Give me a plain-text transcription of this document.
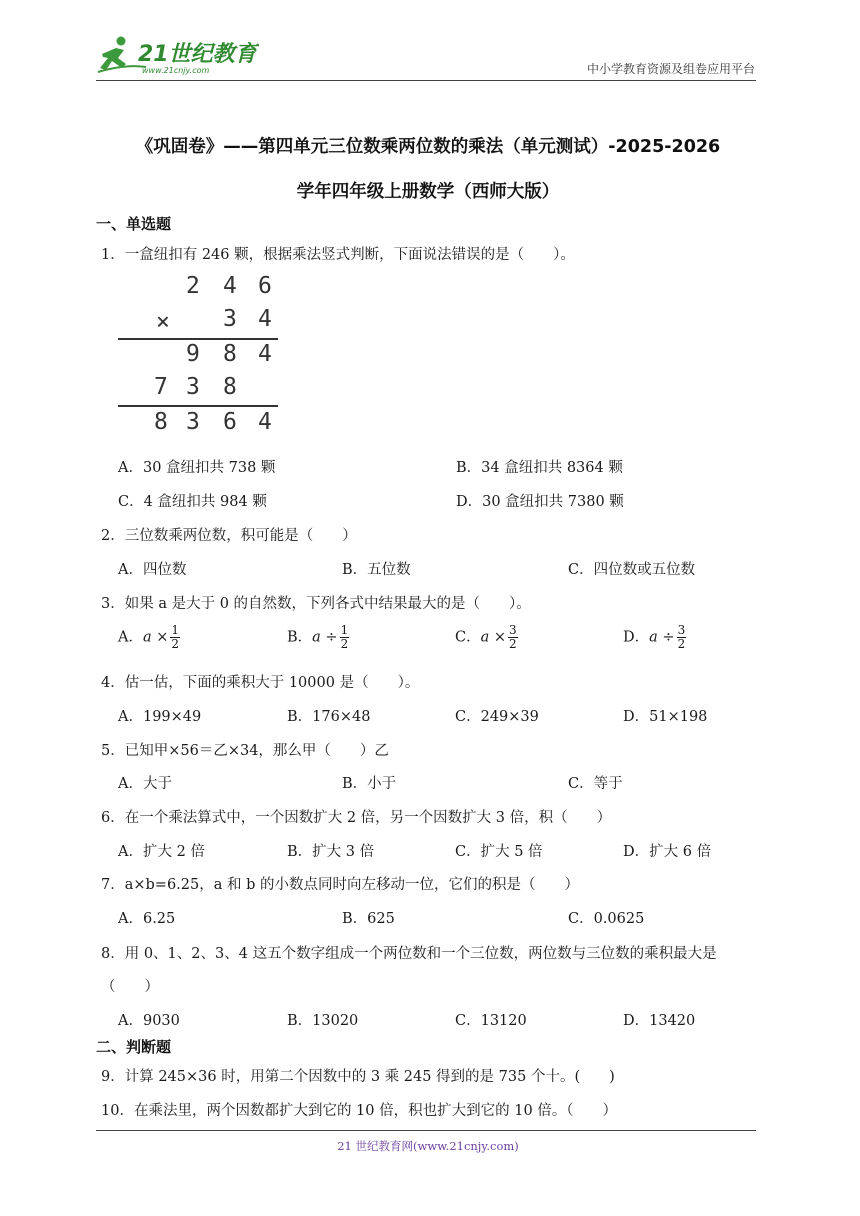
21世纪教育
www.21cnjy.com	中小学教育资源及组卷应用平台
《巩固卷》——第四单元三位数乘两位数的乘法（单元测试）-2025-2026
学年四年级上册数学（西师大版）
一、单选题
1．一盒纽扣有 246 颗，根据乘法竖式判断，下面说法错误的是（　　）。
2 4 6
× 3 4
9 8 4
7 3 8
8 3 6 4
A．30 盒纽扣共 738 颗	B．34 盒纽扣共 8364 颗
C．4 盒纽扣共 984 颗	D．30 盒纽扣共 7380 颗
2．三位数乘两位数，积可能是（　　）
A．四位数	B．五位数	C．四位数或五位数
3．如果 a 是大于 0 的自然数，下列各式中结果最大的是（　　）。
A．$a \times \frac{1}{2}$	B．$a \div \frac{1}{2}$	C．$a \times \frac{3}{2}$	D．$a \div \frac{3}{2}$
4．估一估，下面的乘积大于 10000 是（　　）。
A．199×49	B．176×48	C．249×39	D．51×198
5．已知甲×56＝乙×34，那么甲（　　）乙
A．大于	B．小于	C．等于
6．在一个乘法算式中，一个因数扩大 2 倍，另一个因数扩大 3 倍，积（　　）
A．扩大 2 倍	B．扩大 3 倍	C．扩大 5 倍	D．扩大 6 倍
7．a×b=6.25，a 和 b 的小数点同时向左移动一位，它们的积是（　　）
A．6.25	B．625	C．0.0625
8．用 0、1、2、3、4 这五个数字组成一个两位数和一个三位数，两位数与三位数的乘积最大是
（　　）
A．9030	B．13020	C．13120	D．13420
二、判断题
9．计算 245×36 时，用第二个因数中的 3 乘 245 得到的是 735 个十。(　　)
10．在乘法里，两个因数都扩大到它的 10 倍，积也扩大到它的 10 倍。（　　）
21 世纪教育网(www.21cnjy.com)
